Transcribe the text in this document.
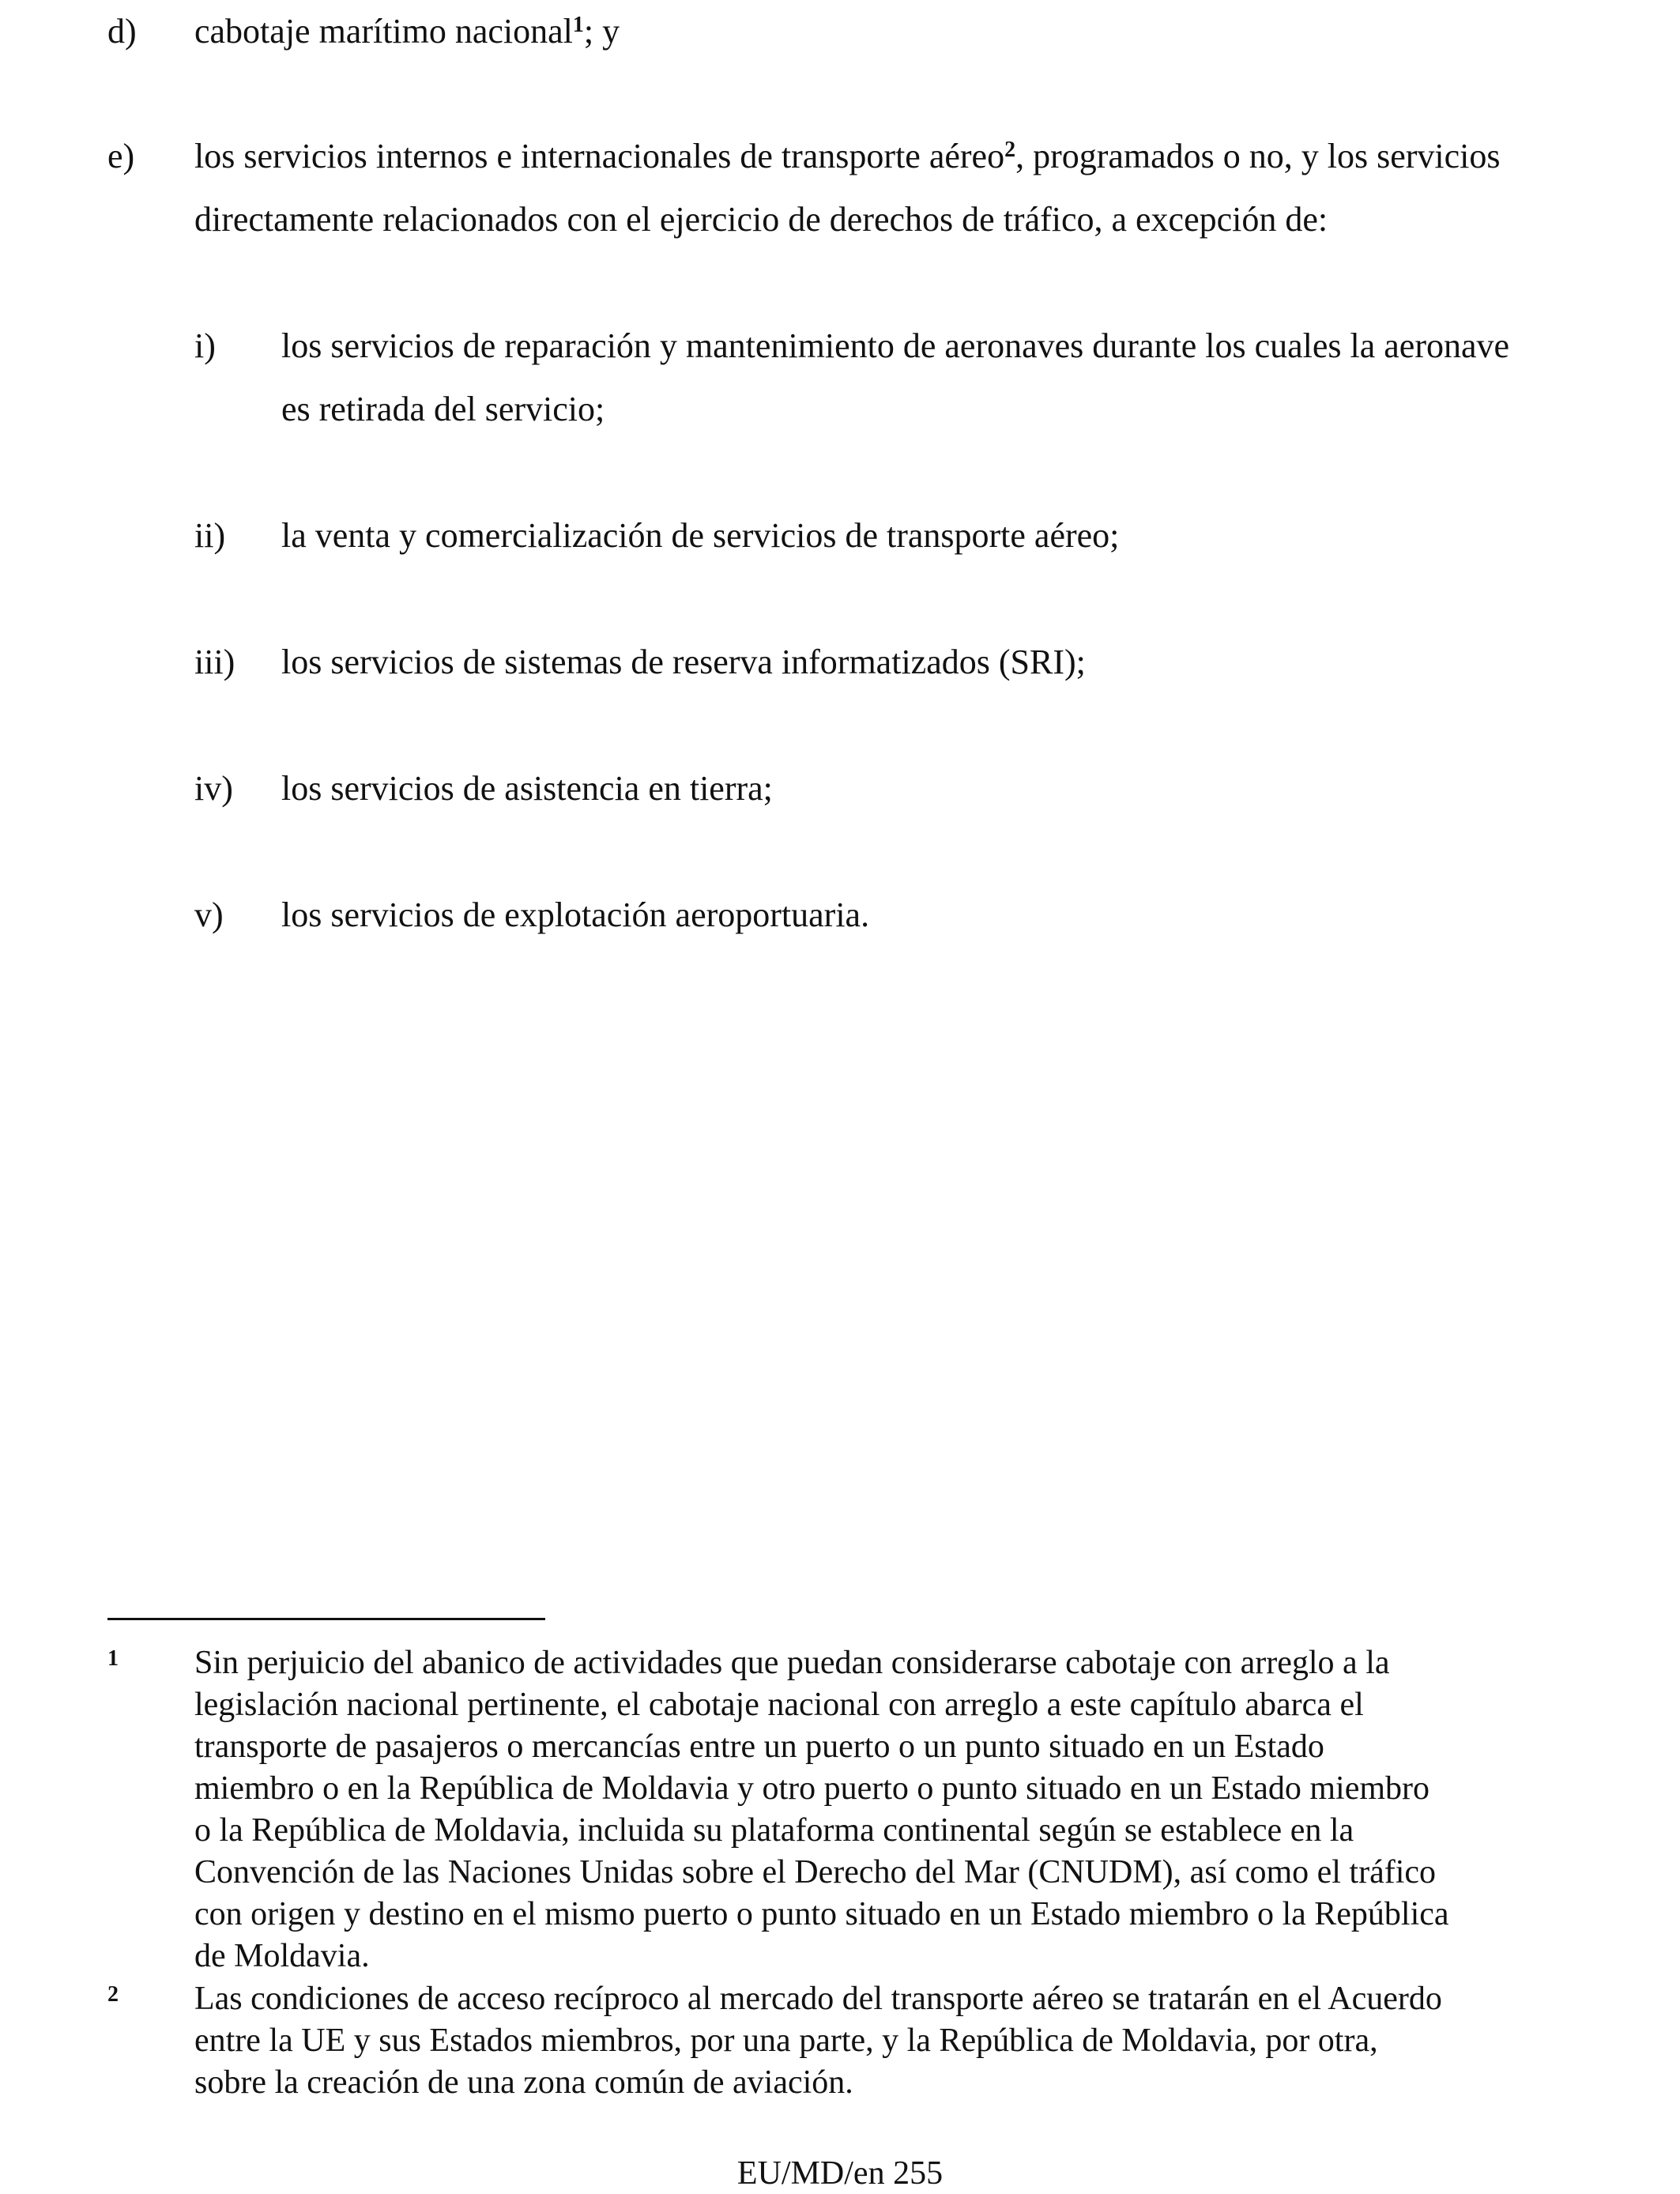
d) cabotaje marítimo nacional$^1$; y
e) los servicios internos e internacionales de transporte aéreo$^2$, programados o no, y los servicios
directamente relacionados con el ejercicio de derechos de tráfico, a excepción de:
i) los servicios de reparación y mantenimiento de aeronaves durante los cuales la aeronave
es retirada del servicio;
ii) la venta y comercialización de servicios de transporte aéreo;
iii) los servicios de sistemas de reserva informatizados (SRI);
iv) los servicios de asistencia en tierra;
v) los servicios de explotación aeroportuaria.
1 Sin perjuicio del abanico de actividades que puedan considerarse cabotaje con arreglo a la
legislación nacional pertinente, el cabotaje nacional con arreglo a este capítulo abarca el
transporte de pasajeros o mercancías entre un puerto o un punto situado en un Estado
miembro o en la República de Moldavia y otro puerto o punto situado en un Estado miembro
o la República de Moldavia, incluida su plataforma continental según se establece en la
Convención de las Naciones Unidas sobre el Derecho del Mar (CNUDM), así como el tráfico
con origen y destino en el mismo puerto o punto situado en un Estado miembro o la República
de Moldavia.
2 Las condiciones de acceso recíproco al mercado del transporte aéreo se tratarán en el Acuerdo
entre la UE y sus Estados miembros, por una parte, y la República de Moldavia, por otra,
sobre la creación de una zona común de aviación.
EU/MD/en 255
